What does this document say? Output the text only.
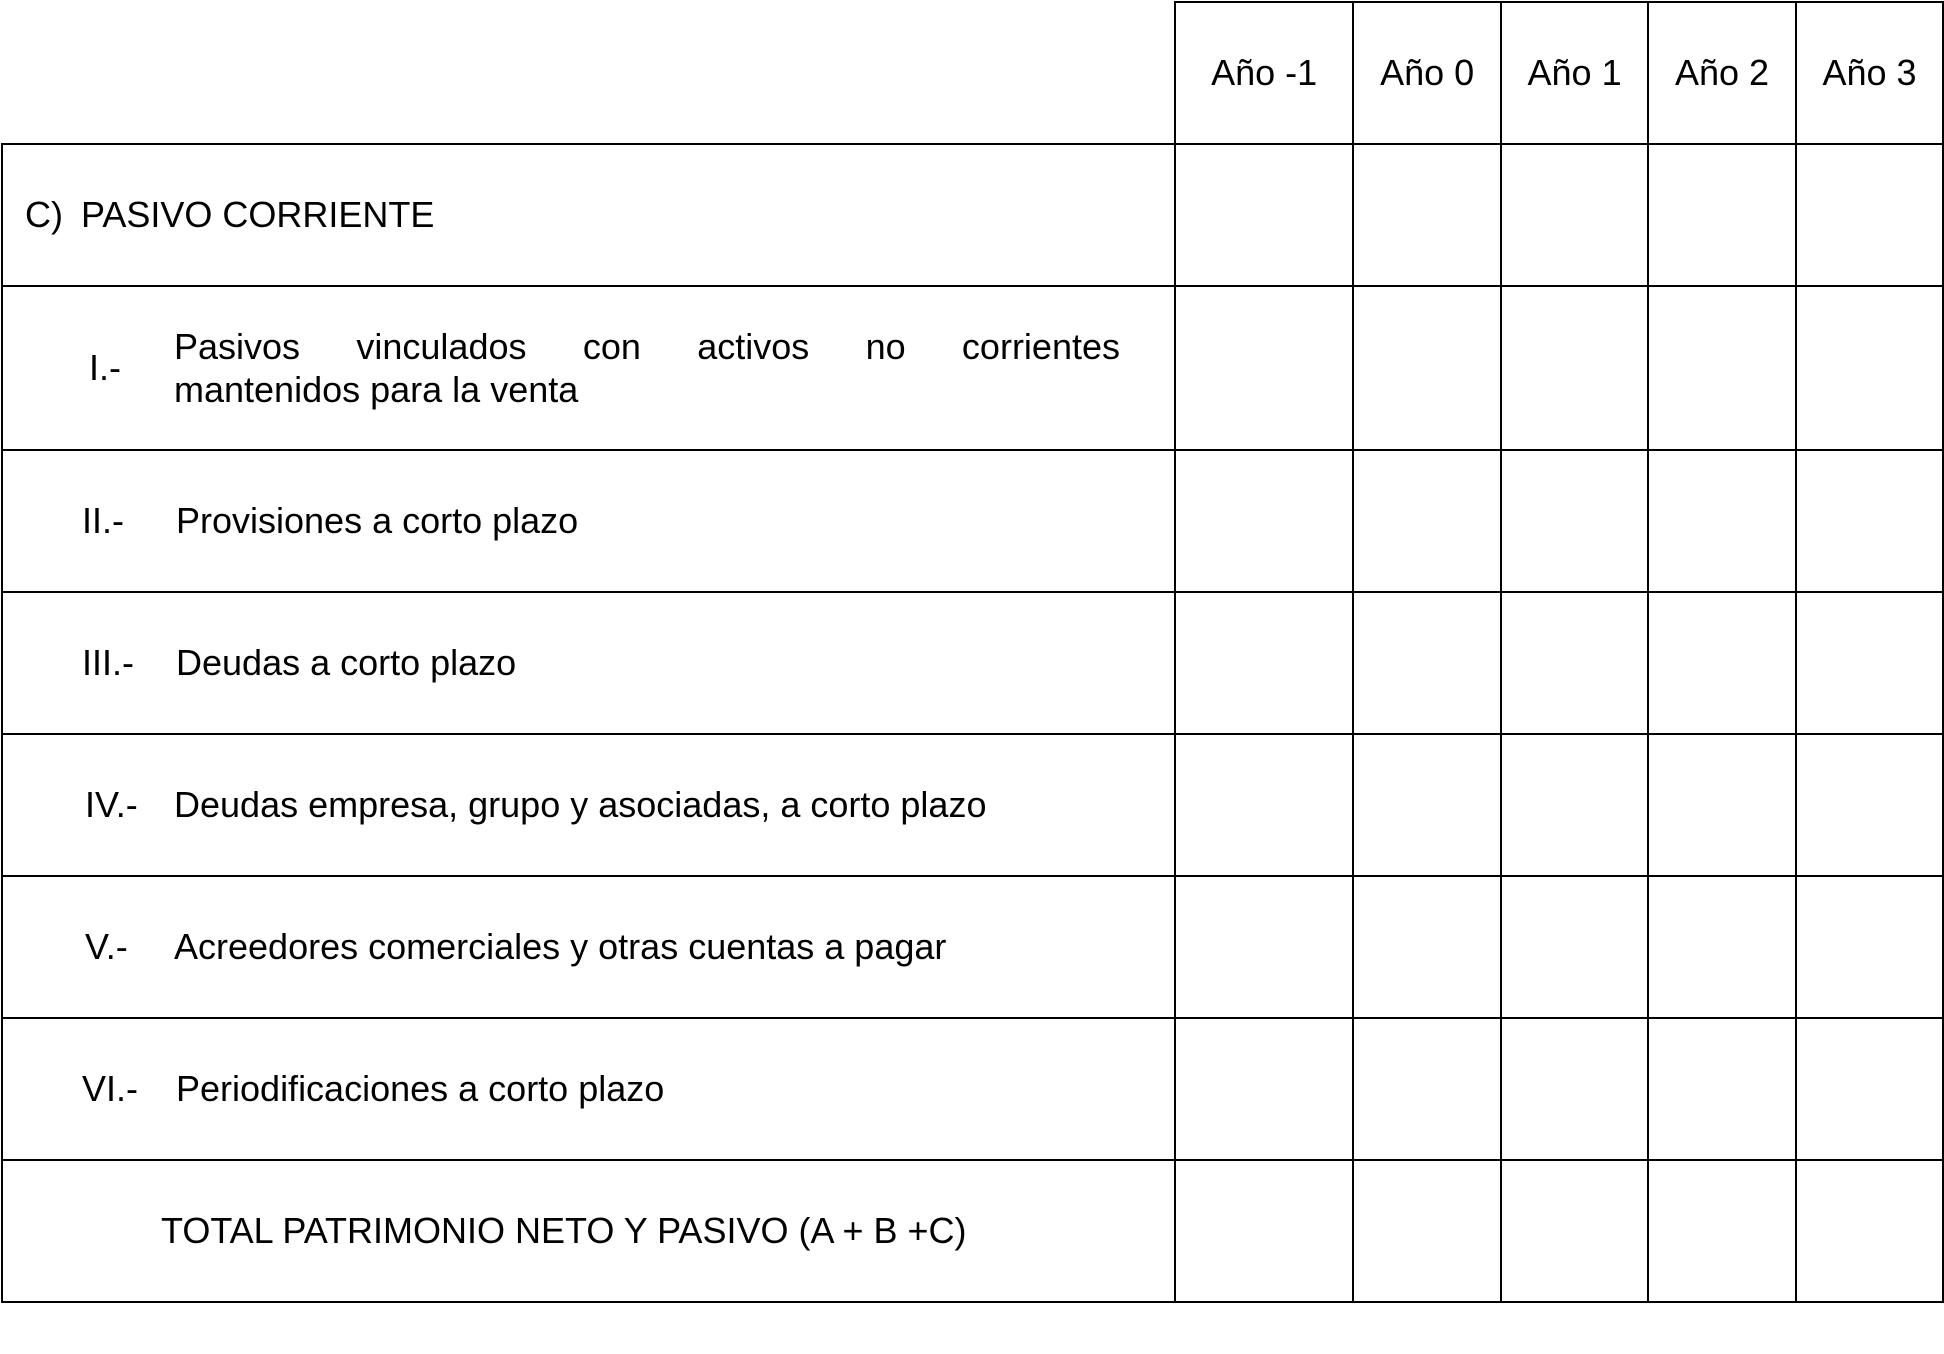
	Año -1	Año 0	Año 1	Año 2	Año 3

C) PASIVO CORRIENTE					

I.-
Pasivos vinculados con activos no corrientes
mantenidos para la venta					

II.- Provisiones a corto plazo					

III.- Deudas a corto plazo					

IV.- Deudas empresa, grupo y asociadas, a corto plazo					

V.- Acreedores comerciales y otras cuentas a pagar					

VI.- Periodificaciones a corto plazo					

TOTAL PATRIMONIO NETO Y PASIVO (A + B +C)					
